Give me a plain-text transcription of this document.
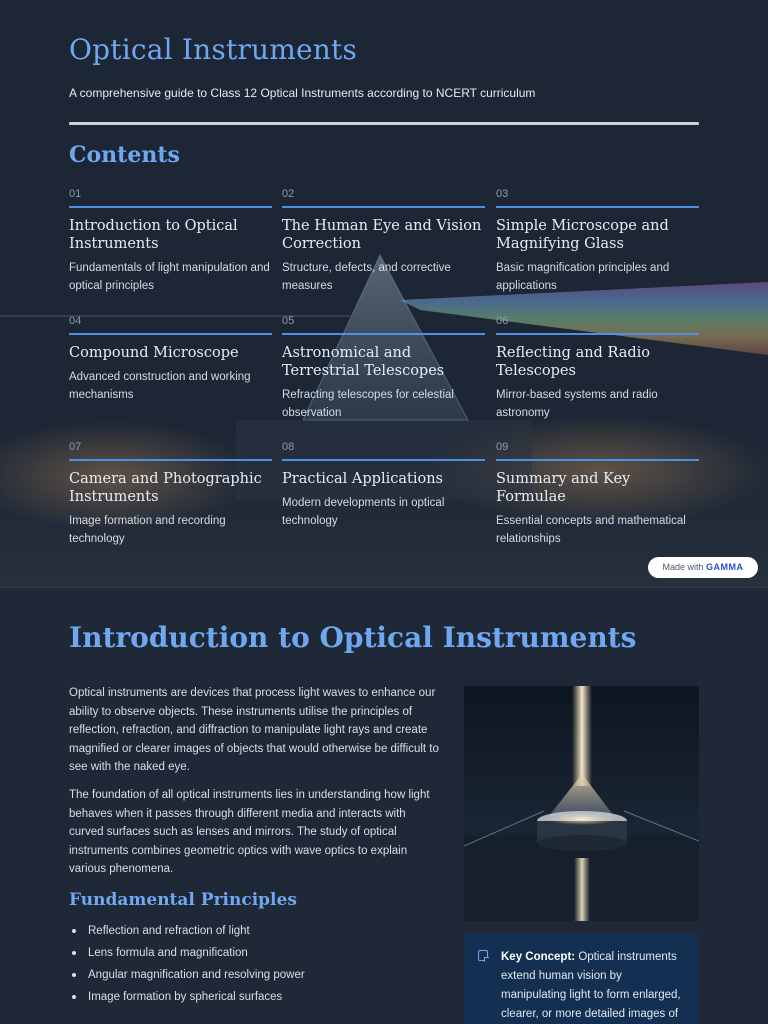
Optical Instruments

A comprehensive guide to Class 12 Optical Instruments according to NCERT curriculum

Contents
01
Introduction to Optical Instruments
Fundamentals of light manipulation and optical principles
02
The Human Eye and Vision Correction
Structure, defects, and corrective measures
03
Simple Microscope and Magnifying Glass
Basic magnification principles and applications
04
Compound Microscope
Advanced construction and working mechanisms
05
Astronomical and Terrestrial Telescopes
Refracting telescopes for celestial observation
06
Reflecting and Radio Telescopes
Mirror-based systems and radio astronomy
07
Camera and Photographic Instruments
Image formation and recording technology
08
Practical Applications
Modern developments in optical technology
09
Summary and Key Formulae
Essential concepts and mathematical relationships
Made with GAMMA
Introduction to Optical Instruments

Optical instruments are devices that process light waves to enhance our ability to observe objects. These instruments utilise the principles of reflection, refraction, and diffraction to manipulate light rays and create magnified or clearer images of objects that would otherwise be difficult to see with the naked eye.

The foundation of all optical instruments lies in understanding how light behaves when it passes through different media and interacts with curved surfaces such as lenses and mirrors. The study of optical instruments combines geometric optics with wave optics to explain various phenomena.

Fundamental Principles
Reflection and refraction of light
Lens formula and magnification
Angular magnification and resolving power
Image formation by spherical surfaces
Key Concept: Optical instruments extend human vision by manipulating light to form enlarged, clearer, or more detailed images of
